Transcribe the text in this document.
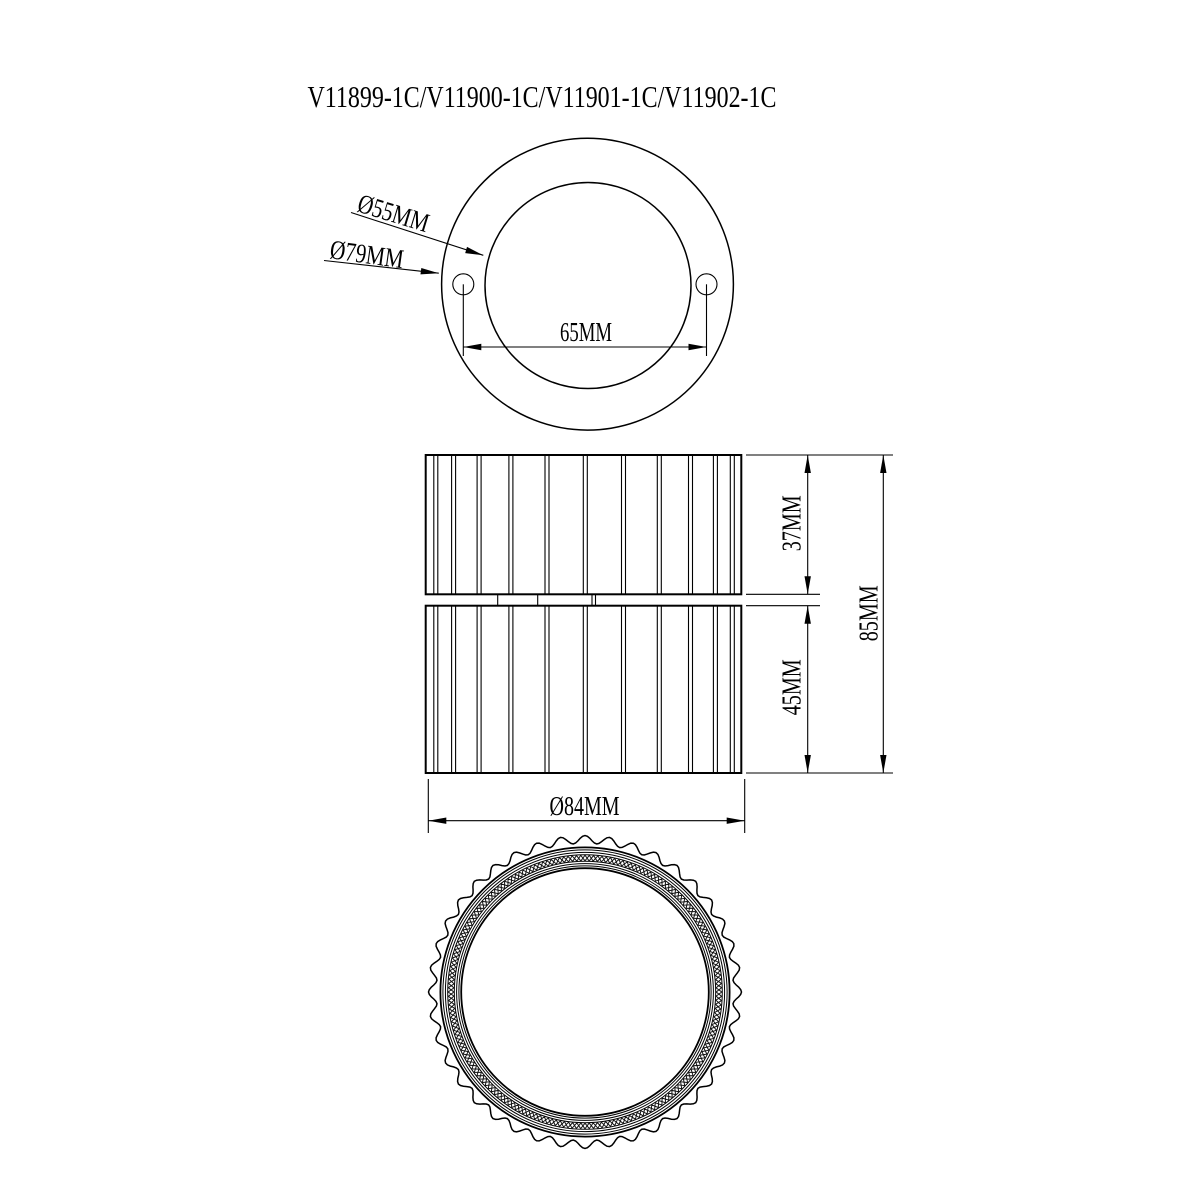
V11899-1C/V11900-1C/V11901-1C/V11902-1C
65MM
Ø55MM
Ø79MM
37MM
45MM
85MM
Ø84MM
